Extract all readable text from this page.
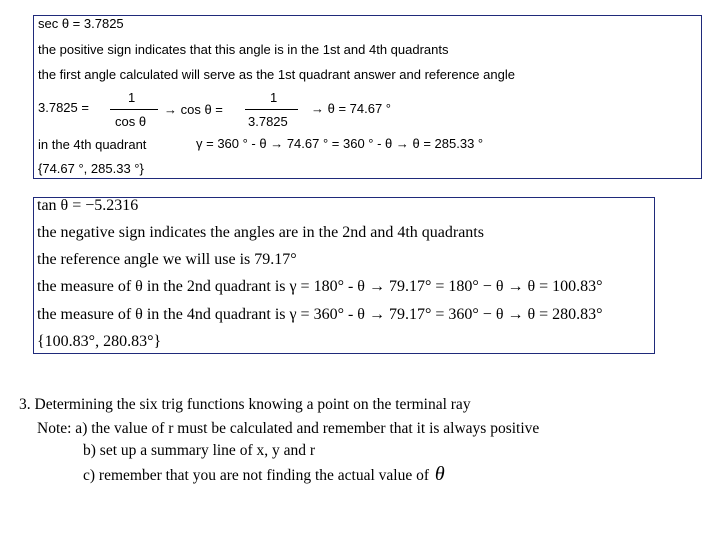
sec θ = 3.7825
the positive sign indicates that this angle is in the 1st and 4th quadrants
the first angle calculated will serve as the 1st quadrant answer and reference angle
3.7825 =
1
cos θ
→ cos θ =
1
3.7825
→ θ = 74.67 °
in the 4th quadrant	γ = 360 ° - θ → 74.67 ° = 360 ° - θ → θ = 285.33 °
{74.67 °, 285.33 °}
tan θ = −5.2316
the negative sign indicates the angles are in the 2nd and 4th quadrants
the reference angle we will use is 79.17°
the measure of θ in the 2nd quadrant is γ = 180° - θ → 79.17° = 180° − θ → θ = 100.83°
the measure of θ in the 4nd quadrant is γ = 360° - θ → 79.17° = 360° − θ → θ = 280.83°
{100.83°, 280.83°}
3. Determining the six trig functions knowing a point on the terminal ray
Note: a) the value of r must be calculated and remember that it is always positive
b) set up a summary line of x, y and r
c) remember that you are not finding the actual value of θ
